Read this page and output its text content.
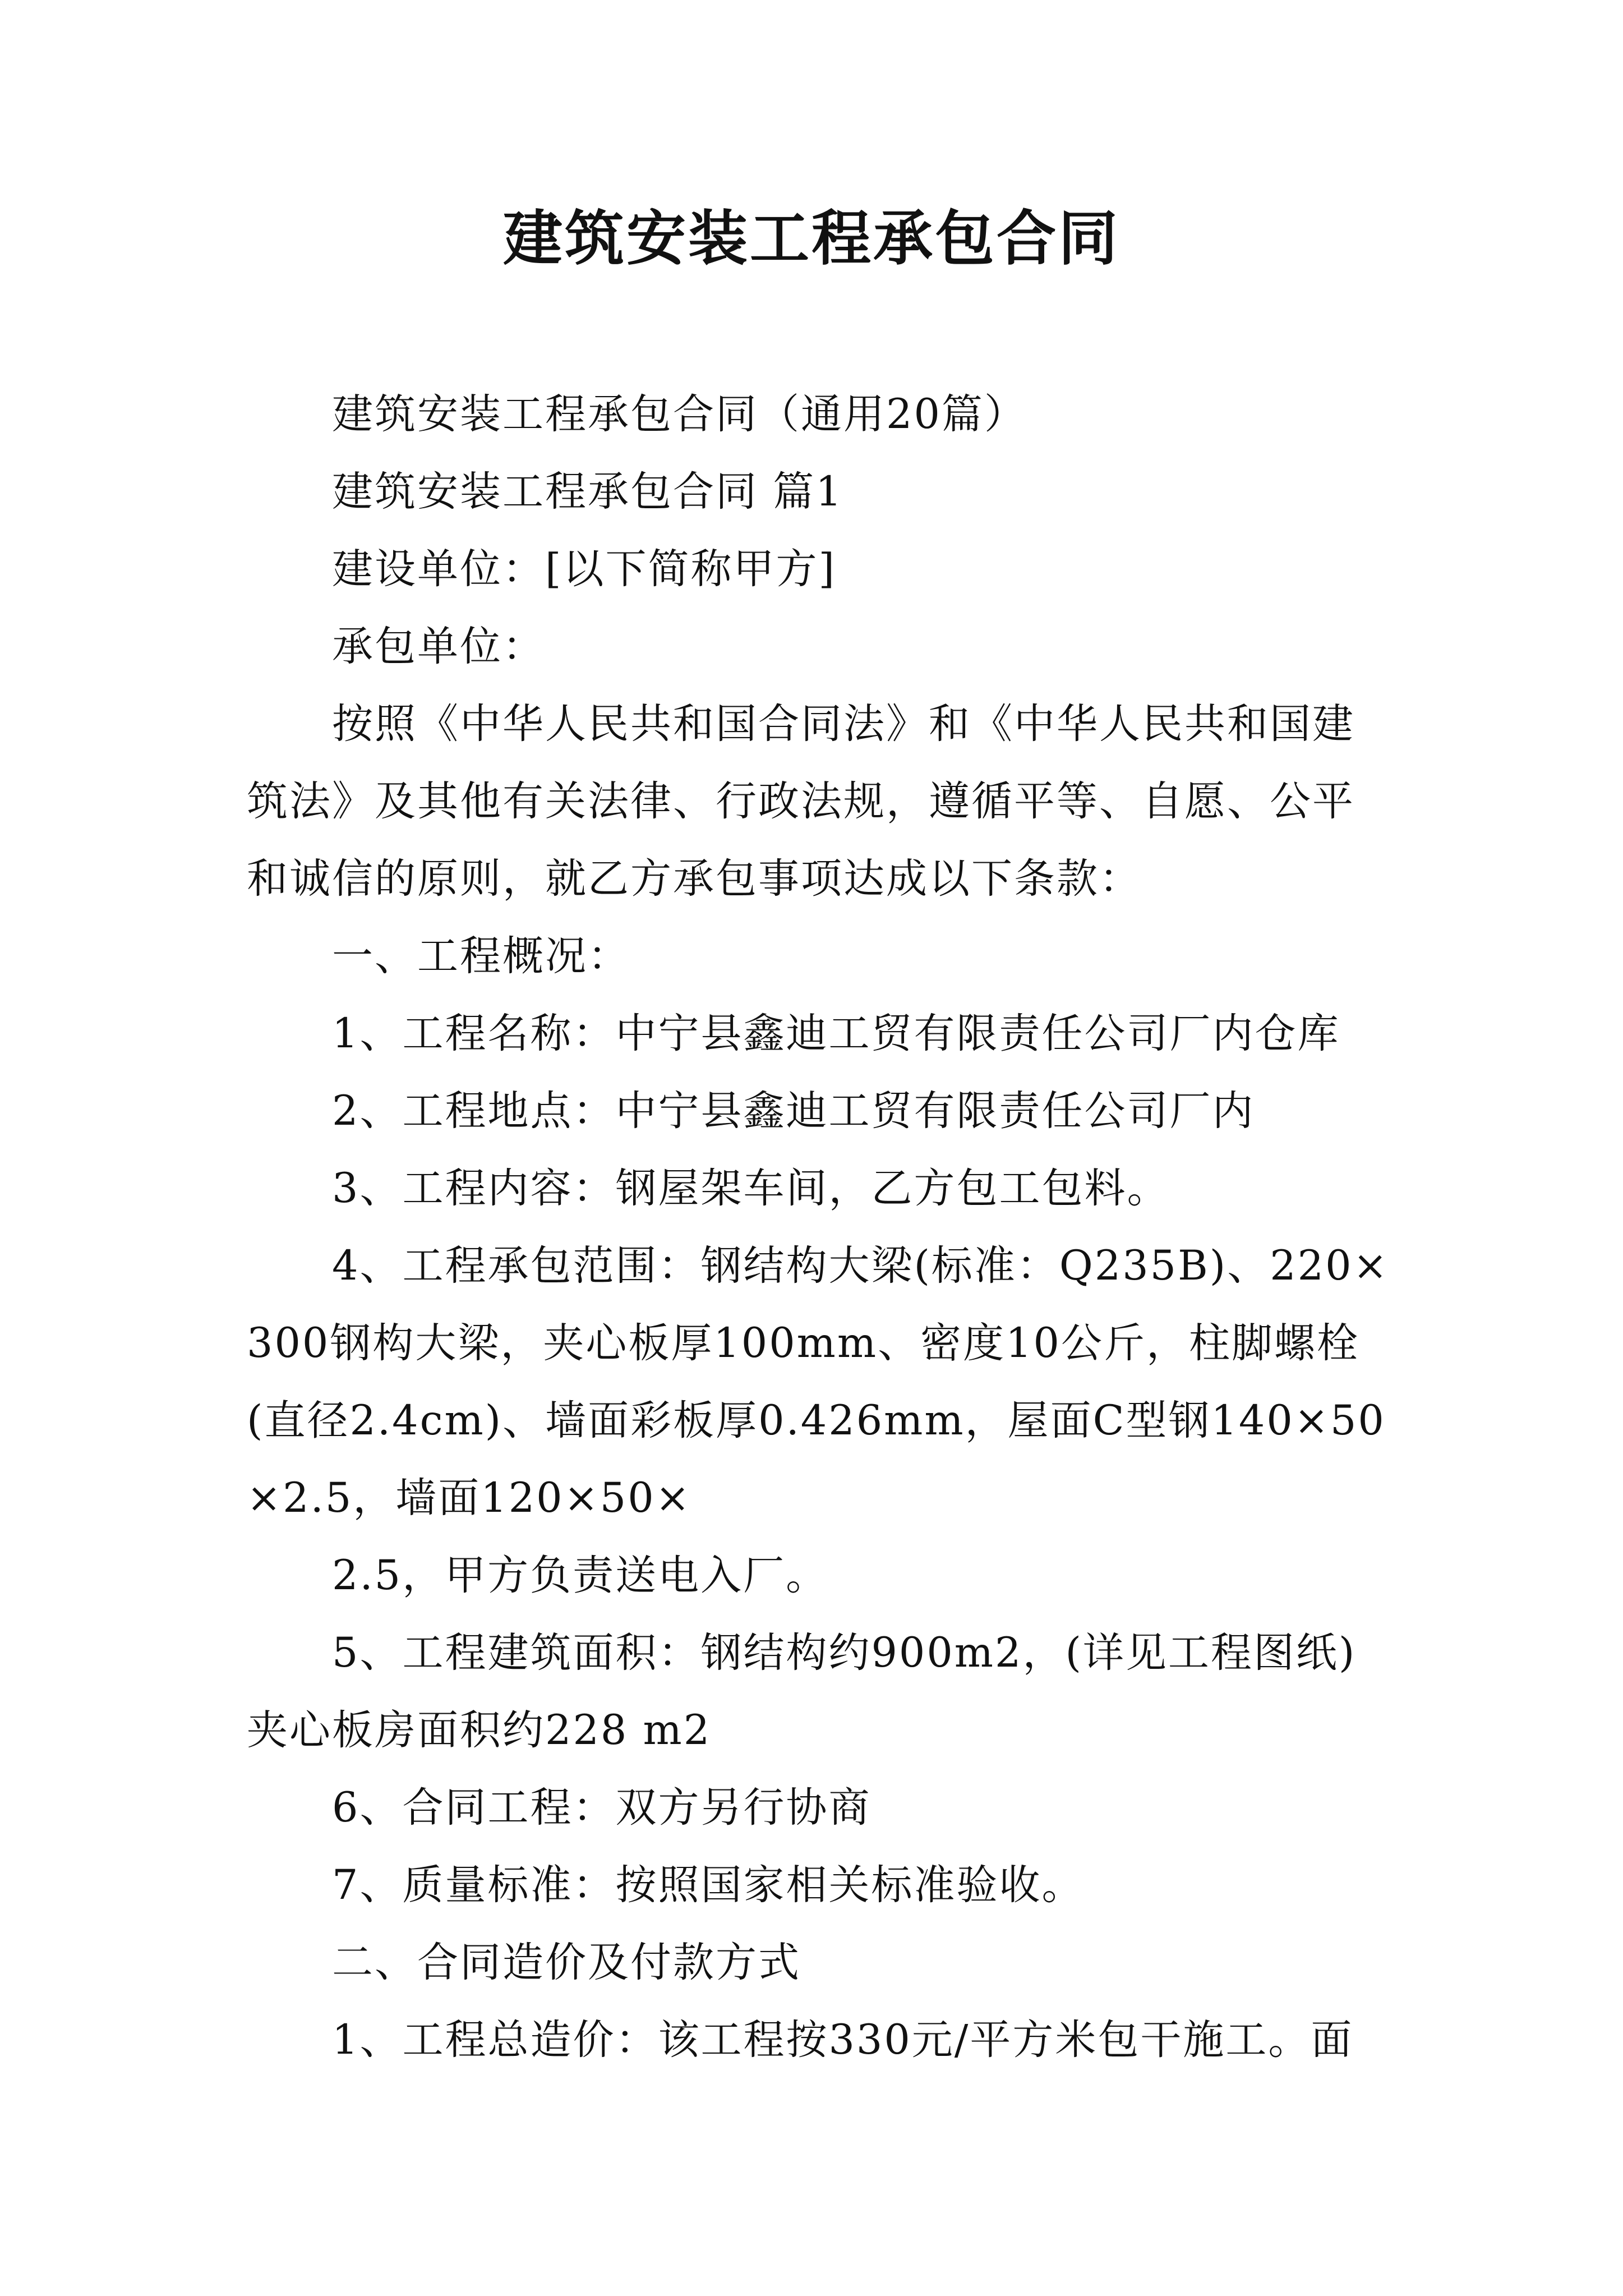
建筑安装工程承包合同

建筑安装工程承包合同（通用20篇）

建筑安装工程承包合同 篇1

建设单位：[以下简称甲方]

承包单位：

按照《中华人民共和国合同法》和《中华人民共和国建筑法》及其他有关法律、行政法规，遵循平等、自愿、公平和诚信的原则，就乙方承包事项达成以下条款：

一、工程概况：

1、工程名称：中宁县鑫迪工贸有限责任公司厂内仓库

2、工程地点：中宁县鑫迪工贸有限责任公司厂内

3、工程内容：钢屋架车间，乙方包工包料。

4、工程承包范围：钢结构大梁(标准：Q235B)、220×300钢构大梁，夹心板厚100mm、密度10公斤，柱脚螺栓(直径2.4cm)、墙面彩板厚0.426mm，屋面C型钢140×50×2.5，墙面120×50×

2.5，甲方负责送电入厂。

5、工程建筑面积：钢结构约900m2，(详见工程图纸)夹心板房面积约228 m2

6、合同工程：双方另行协商

7、质量标准：按照国家相关标准验收。

二、合同造价及付款方式

1、工程总造价：该工程按330元/平方米包干施工。面
